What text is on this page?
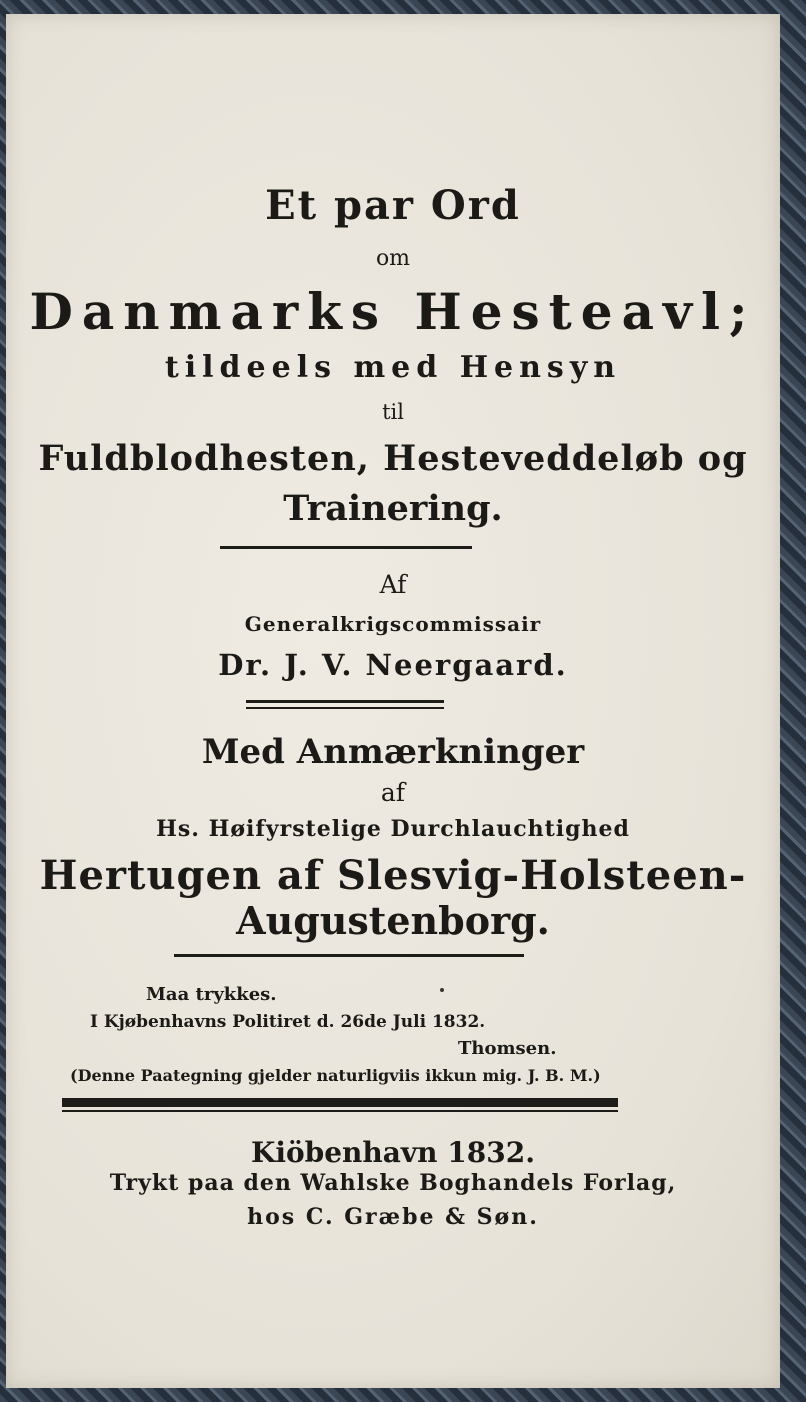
Et par Ord
om
Danmarks Hesteavl;
tildeels med Hensyn
til
Fuldblodhesten, Hesteveddeløb og
Trainering.
Af
Generalkrigscommissair
Dr. J. V. Neergaard.
Med Anmærkninger
af
Hs. Høifyrstelige Durchlauchtighed
Hertugen af Slesvig-Holsteen-
Augustenborg.
Maa trykkes.
I Kjøbenhavns Politiret d. 26de Juli 1832.
Thomsen.
(Denne Paategning gjelder naturligviis ikkun mig. J. B. M.)
Kiöbenhavn 1832.
Trykt paa den Wahlske Boghandels Forlag,
hos C. Græbe & Søn.
